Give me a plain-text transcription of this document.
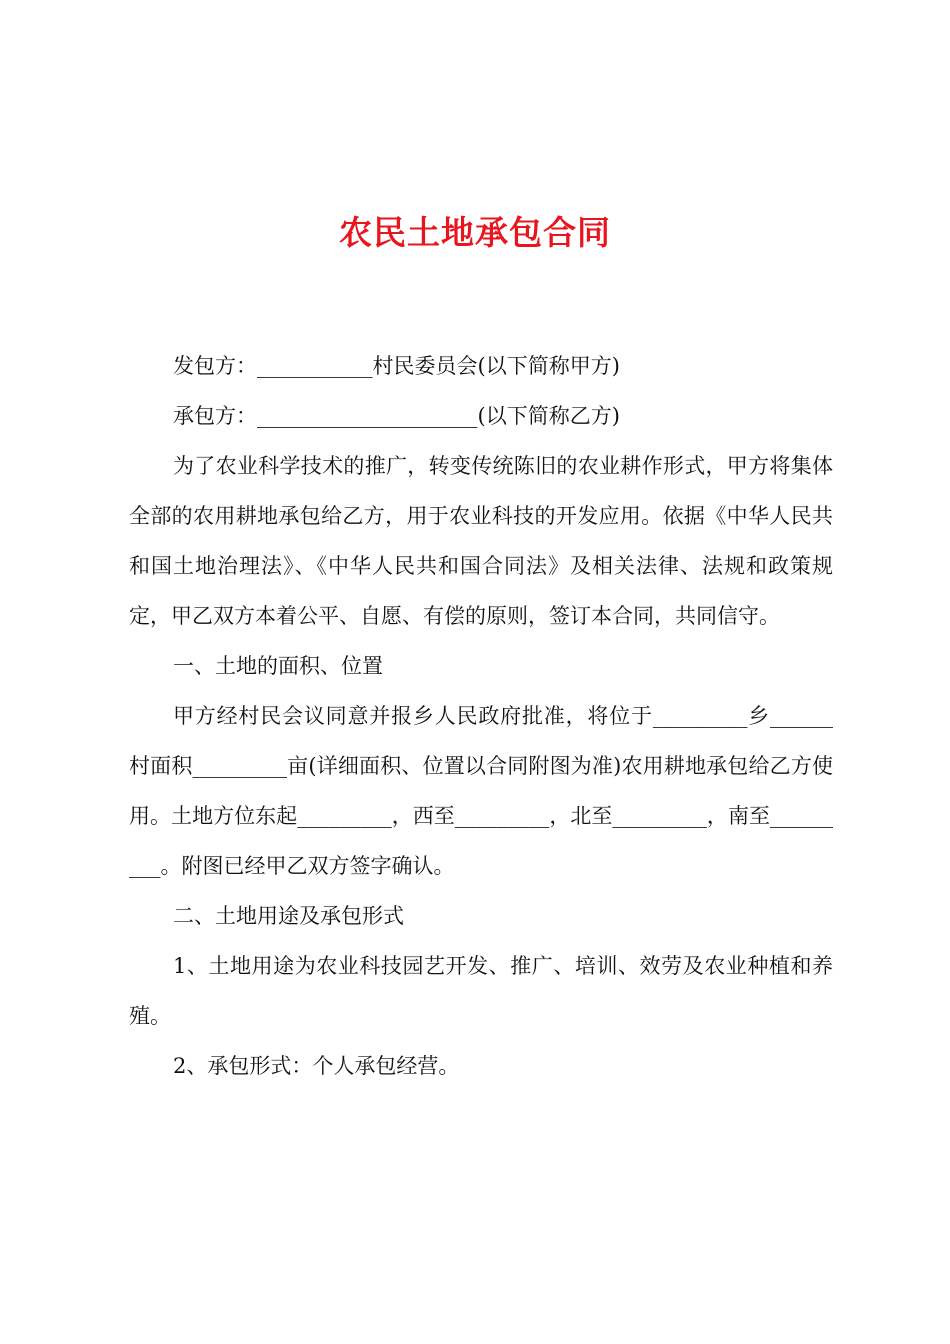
农民土地承包合同

发包方：___________村民委员会(以下简称甲方)

承包方：_____________________(以下简称乙方)

为了农业科学技术的推广，转变传统陈旧的农业耕作形式，甲方将集体全部的农用耕地承包给乙方，用于农业科技的开发应用。依据《中华人民共和国土地治理法》、《中华人民共和国合同法》及相关法律、法规和政策规定，甲乙双方本着公平、自愿、有偿的原则，签订本合同，共同信守。

一、土地的面积、位置

甲方经村民会议同意并报乡人民政府批准，将位于_________乡______村面积_________亩(详细面积、位置以合同附图为准)农用耕地承包给乙方使用。土地方位东起_________，西至_________，北至_________，南至_________。附图已经甲乙双方签字确认。

二、土地用途及承包形式

1、土地用途为农业科技园艺开发、推广、培训、效劳及农业种植和养殖。

2、承包形式：个人承包经营。
